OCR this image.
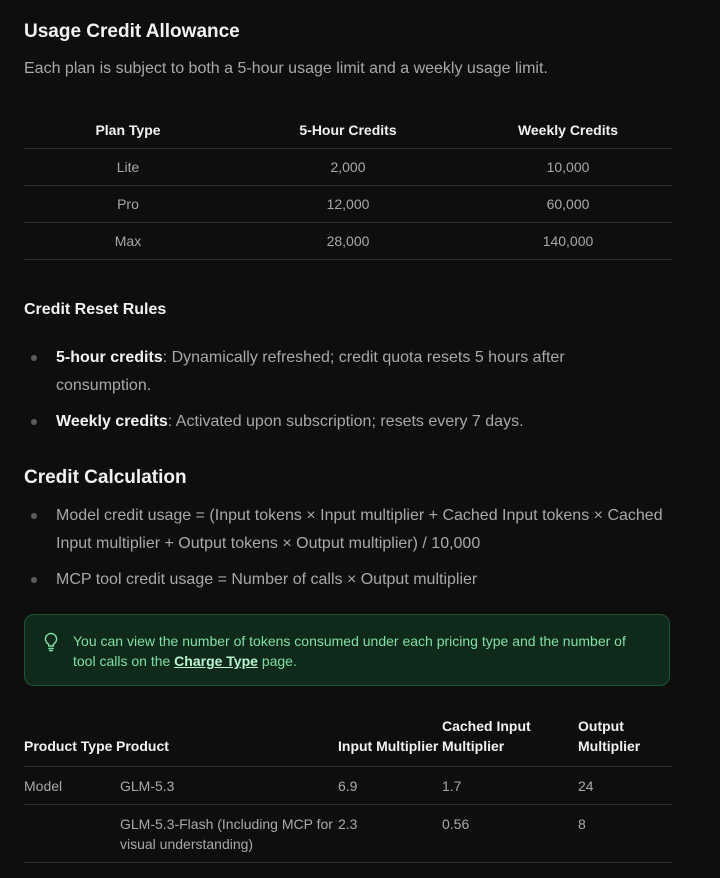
Usage Credit Allowance

Each plan is subject to both a 5-hour usage limit and a weekly usage limit.

Plan Type	5-Hour Credits	Weekly Credits
Lite	2,000	10,000
Pro	12,000	60,000
Max	28,000	140,000
Credit Reset Rules
5-hour credits: Dynamically refreshed; credit quota resets 5 hours after consumption.
Weekly credits: Activated upon subscription; resets every 7 days.
Credit Calculation
Model credit usage = (Input tokens × Input multiplier + Cached Input tokens × Cached Input multiplier + Output tokens × Output multiplier) / 10,000
MCP tool credit usage = Number of calls × Output multiplier
You can view the number of tokens consumed under each pricing type and the number of tool calls on the Charge Type page.
Product Type	Product	Input Multiplier	Cached Input Multiplier	Output Multiplier
Model	GLM-5.3	6.9	1.7	24
	GLM-5.3-Flash (Including MCP for visual understanding)	2.3	0.56	8
